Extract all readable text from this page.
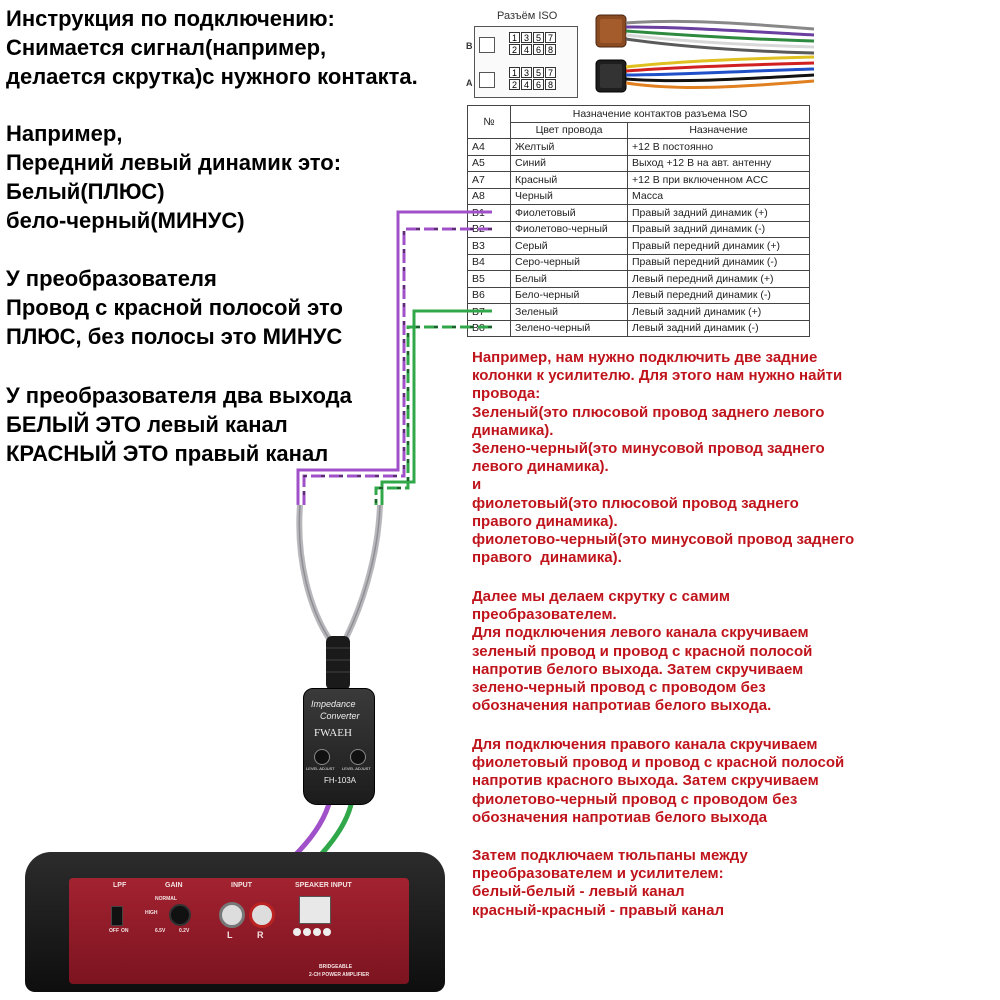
Инструкция по подключению:
Снимается сигнал(например,
делается скрутка)с нужного контакта.
Например,
Передний левый динамик это:
Белый(ПЛЮС)
бело-черный(МИНУС)
У преобразователя
Провод с красной полосой это
ПЛЮС, без полосы это МИНУС
У преобразователя два выхода
БЕЛЫЙ ЭТО левый канал
КРАСНЫЙ ЭТО правый канал
Разъём ISO
B
A
1 3 5 7
2 4 6 8
1 3 5 7
2 4 6 8
№	Назначение контактов разъема ISO	
	Цвет провода	Назначение
A4	Желтый	+12 В постоянно
A5	Синий	Выход +12 В на авт. антенну
A7	Красный	+12 В при включенном ACC
A8	Черный	Масса
B1	Фиолетовый	Правый задний динамик (+)
B2	Фиолетово-черный	Правый задний динамик (-)
B3	Серый	Правый передний динамик (+)
B4	Серо-черный	Правый передний динамик (-)
B5	Белый	Левый передний динамик (+)
B6	Бело-черный	Левый передний динамик (-)
B7	Зеленый	Левый задний динамик (+)
B8	Зелено-черный	Левый задний динамик (-)
Impedance
Converter
FWAEH
LEVEL ADJUST LEVEL ADJUST
FH-103A
LPF	GAIN	INPUT	SPEAKER INPUT
OFF ON
NORMAL
HIGH
6.5V	0.2V	L	R
BRIDGEABLE
2-CH POWER AMPLIFIER
Например, нам нужно подключить две задние
колонки к усилителю. Для этого нам нужно найти
провода:
Зеленый(это плюсовой провод заднего левого
динамика).
Зелено-черный(это минусовой провод заднего
левого динамика).
и
фиолетовый(это плюсовой провод заднего
правого динамика).
фиолетово-черный(это минусовой провод заднего
правого  динамика).
Далее мы делаем скрутку с самим
преобразователем.
Для подключения левого канала скручиваем
зеленый провод и провод с красной полосой
напротив белого выхода. Затем скручиваем
зелено-черный провод с проводом без
обозначения напротиав белого выхода.
Для подключения правого канала скручиваем
фиолетовый провод и провод с красной полосой
напротив красного выхода. Затем скручиваем
фиолетово-черный провод с проводом без
обозначения напротиав белого выхода
Затем подключаем тюльпаны между
преобразователем и усилителем:
белый-белый - левый канал
красный-красный - правый канал
